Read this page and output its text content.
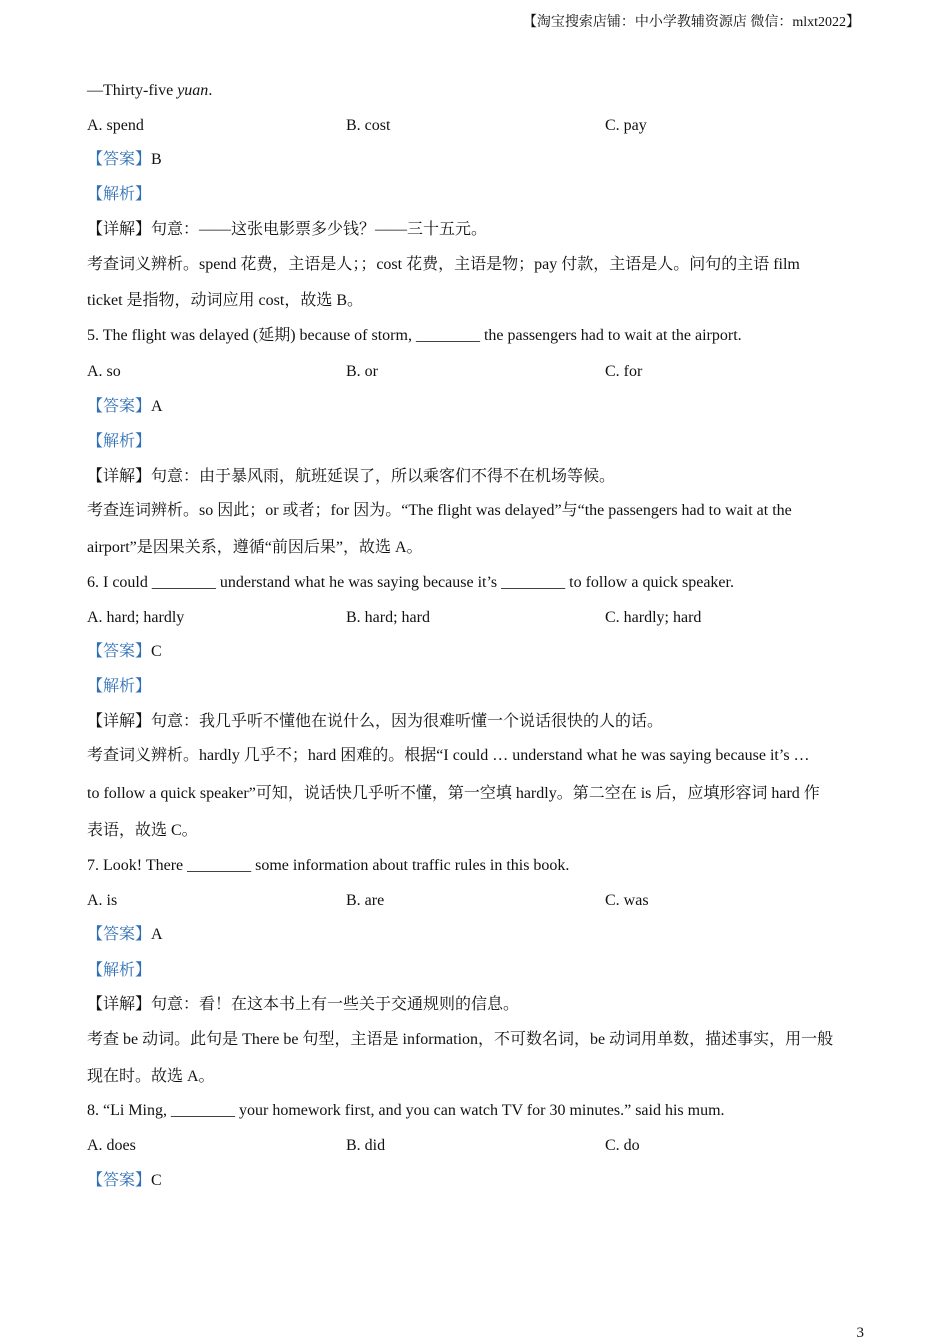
【淘宝搜索店铺：中小学教辅资源店 微信：mlxt2022】
—Thirty-five yuan.
A. spend	B. cost	C. pay
【答案】B
【解析】
【详解】句意：——这张电影票多少钱？——三十五元。
考查词义辨析。spend 花费，主语是人；；cost 花费，主语是物；pay 付款，主语是人。问句的主语 film
ticket 是指物，动词应用 cost，故选 B。
5. The flight was delayed (延期) because of storm, ________ the passengers had to wait at the airport.
A. so	B. or	C. for
【答案】A
【解析】
【详解】句意：由于暴风雨，航班延误了，所以乘客们不得不在机场等候。
考查连词辨析。so 因此；or 或者；for 因为。“The flight was delayed”与“the passengers had to wait at the
airport”是因果关系，遵循“前因后果”，故选 A。
6. I could ________ understand what he was saying because it’s ________ to follow a quick speaker.
A. hard; hardly	B. hard; hard	C. hardly; hard
【答案】C
【解析】
【详解】句意：我几乎听不懂他在说什么，因为很难听懂一个说话很快的人的话。
考查词义辨析。hardly 几乎不；hard 困难的。根据“I could … understand what he was saying because it’s …
to follow a quick speaker”可知，说话快几乎听不懂，第一空填 hardly。第二空在 is 后，应填形容词 hard 作
表语，故选 C。
7. Look! There ________ some information about traffic rules in this book.
A. is	B. are	C. was
【答案】A
【解析】
【详解】句意：看！在这本书上有一些关于交通规则的信息。
考查 be 动词。此句是 There be 句型，主语是 information，不可数名词，be 动词用单数，描述事实，用一般
现在时。故选 A。
8. “Li Ming, ________ your homework first, and you can watch TV for 30 minutes.” said his mum.
A. does	B. did	C. do
【答案】C
3
